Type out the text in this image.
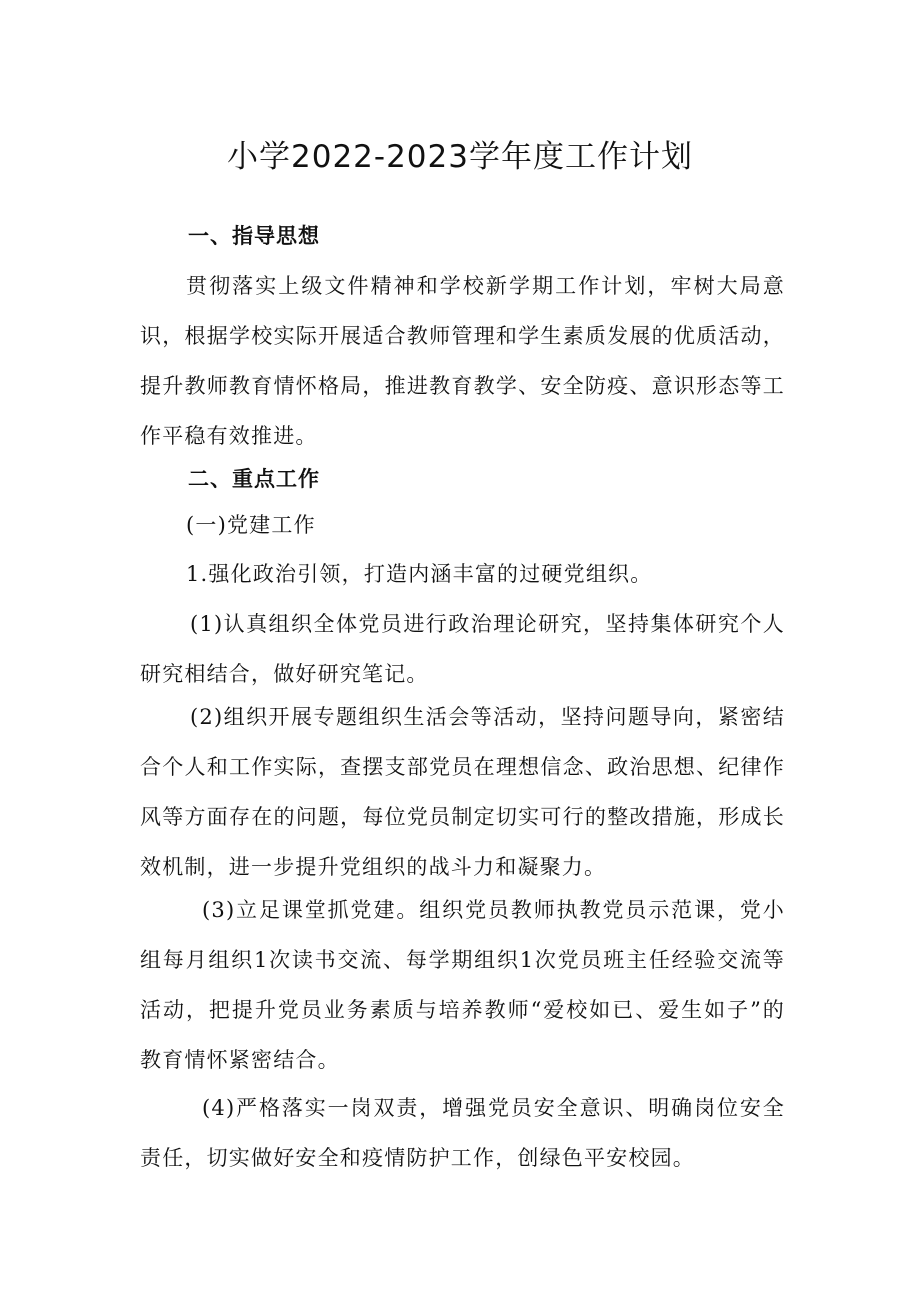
小学2022-2023学年度工作计划

一、指导思想

贯彻落实上级文件精神和学校新学期工作计划，牢树大局意识，根据学校实际开展适合教师管理和学生素质发展的优质活动，提升教师教育情怀格局，推进教育教学、安全防疫、意识形态等工作平稳有效推进。

二、重点工作

(一)党建工作

1.强化政治引领，打造内涵丰富的过硬党组织。

(1)认真组织全体党员进行政治理论研究，坚持集体研究个人研究相结合，做好研究笔记。

(2)组织开展专题组织生活会等活动，坚持问题导向，紧密结合个人和工作实际，查摆支部党员在理想信念、政治思想、纪律作风等方面存在的问题，每位党员制定切实可行的整改措施，形成长效机制，进一步提升党组织的战斗力和凝聚力。

(3)立足课堂抓党建。组织党员教师执教党员示范课，党小组每月组织1次读书交流、每学期组织1次党员班主任经验交流等活动，把提升党员业务素质与培养教师“爱校如已、爱生如子”的教育情怀紧密结合。

(4)严格落实一岗双责，增强党员安全意识、明确岗位安全责任，切实做好安全和疫情防护工作，创绿色平安校园。
